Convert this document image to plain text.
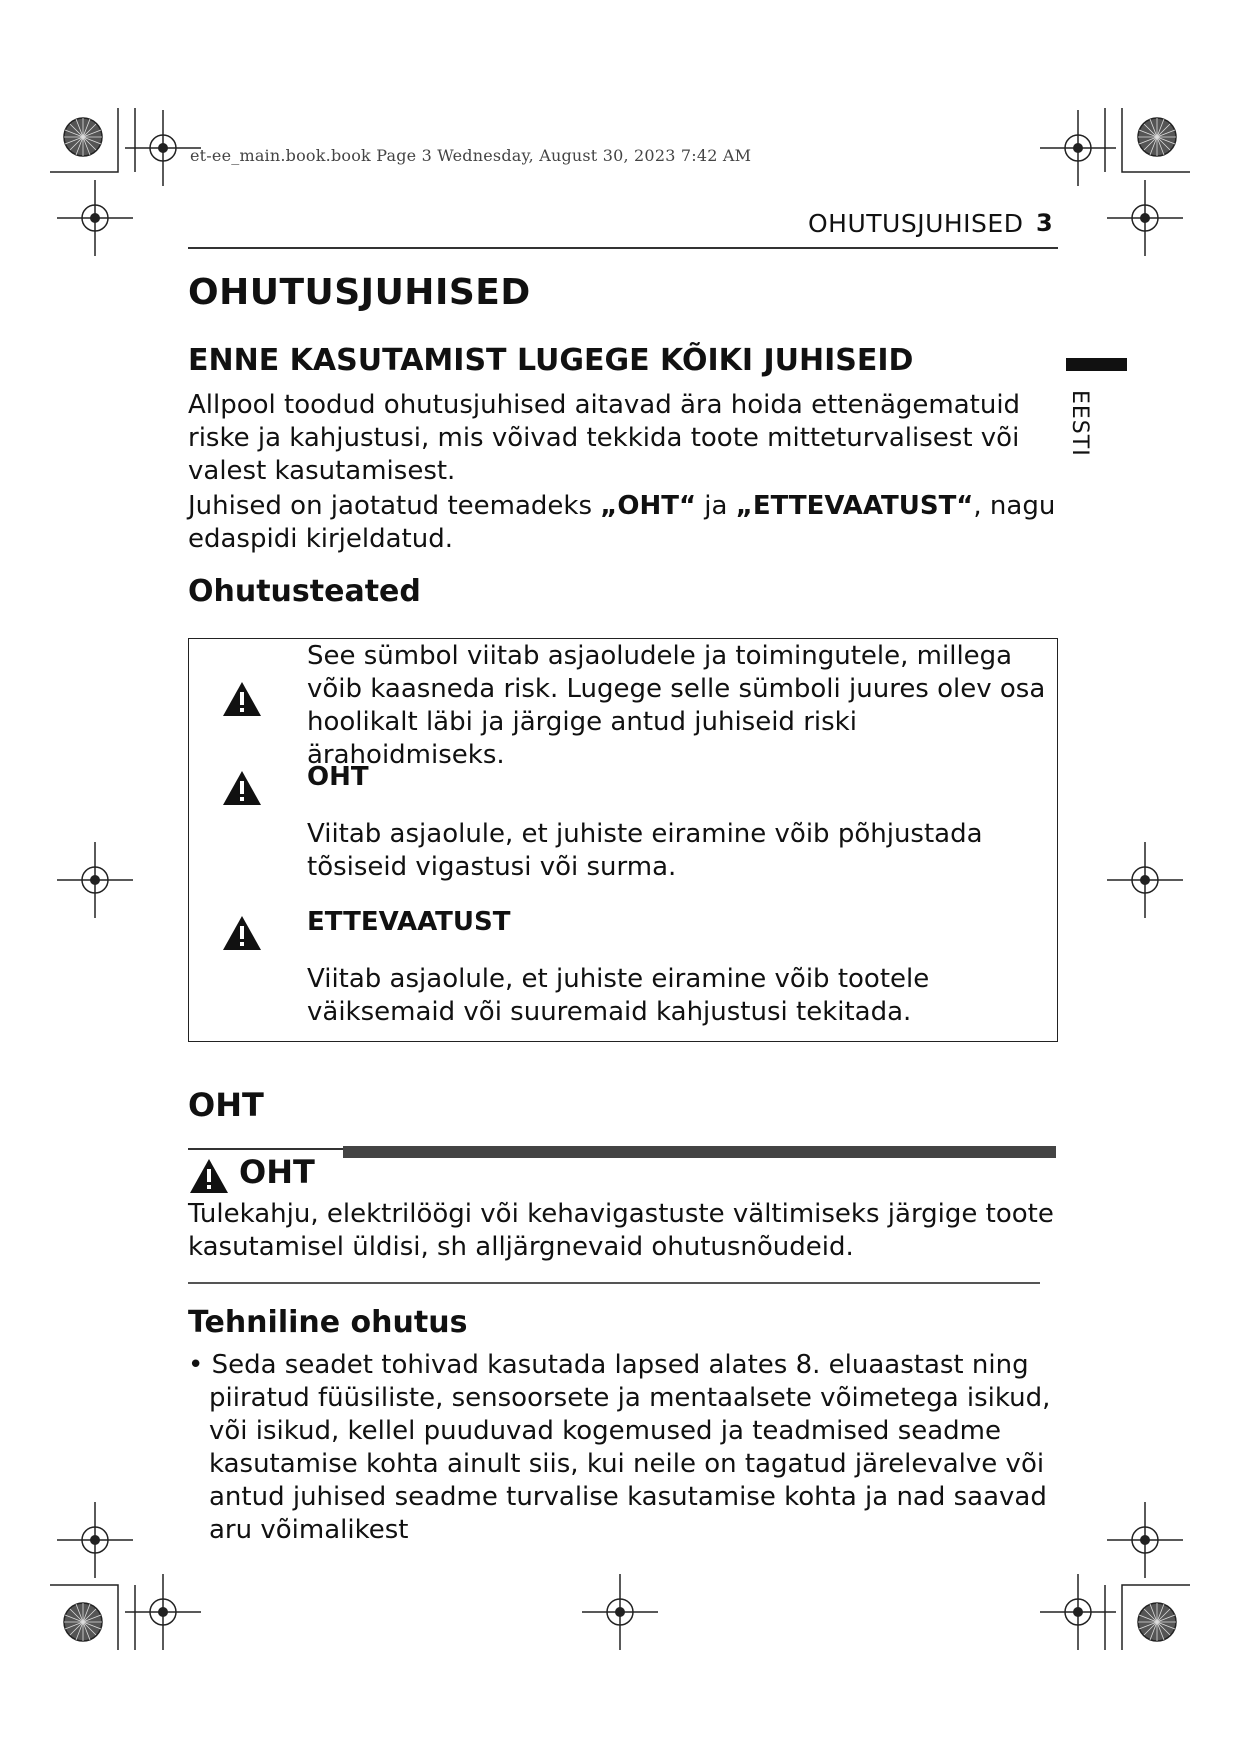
et-ee_main.book.book Page 3 Wednesday, August 30, 2023 7:42 AM
OHUTUSJUHISED 3
EESTI
OHUTUSJUHISED
ENNE KASUTAMIST LUGEGE KÕIKI JUHISEID
Allpool toodud ohutusjuhised aitavad ära hoida ettenägematuid riske ja kahjustusi, mis võivad tekkida toote mitteturvalisest või valest kasutamisest.
Juhised on jaotatud teemadeks „OHT“ ja „ETTEVAATUST“, nagu edaspidi kirjeldatud.
Ohutusteated
See sümbol viitab asjaoludele ja toimingutele, millega võib kaasneda risk. Lugege selle sümboli juures olev osa hoolikalt läbi ja järgige antud juhiseid riski ärahoidmiseks.
OHT
Viitab asjaolule, et juhiste eiramine võib põhjustada tõsiseid vigastusi või surma.
ETTEVAATUST
Viitab asjaolule, et juhiste eiramine võib tootele väiksemaid või suuremaid kahjustusi tekitada.
OHT
OHT
Tulekahju, elektrilöögi või kehavigastuste vältimiseks järgige toote kasutamisel üldisi, sh alljärgnevaid ohutusnõudeid.
Tehniline ohutus
• Seda seadet tohivad kasutada lapsed alates 8. eluaastast ning piiratud füüsiliste, sensoorsete ja mentaalsete võimetega isikud, või isikud, kellel puuduvad kogemused ja teadmised seadme kasutamise kohta ainult siis, kui neile on tagatud järelevalve või antud juhised seadme turvalise kasutamise kohta ja nad saavad aru võimalikest
